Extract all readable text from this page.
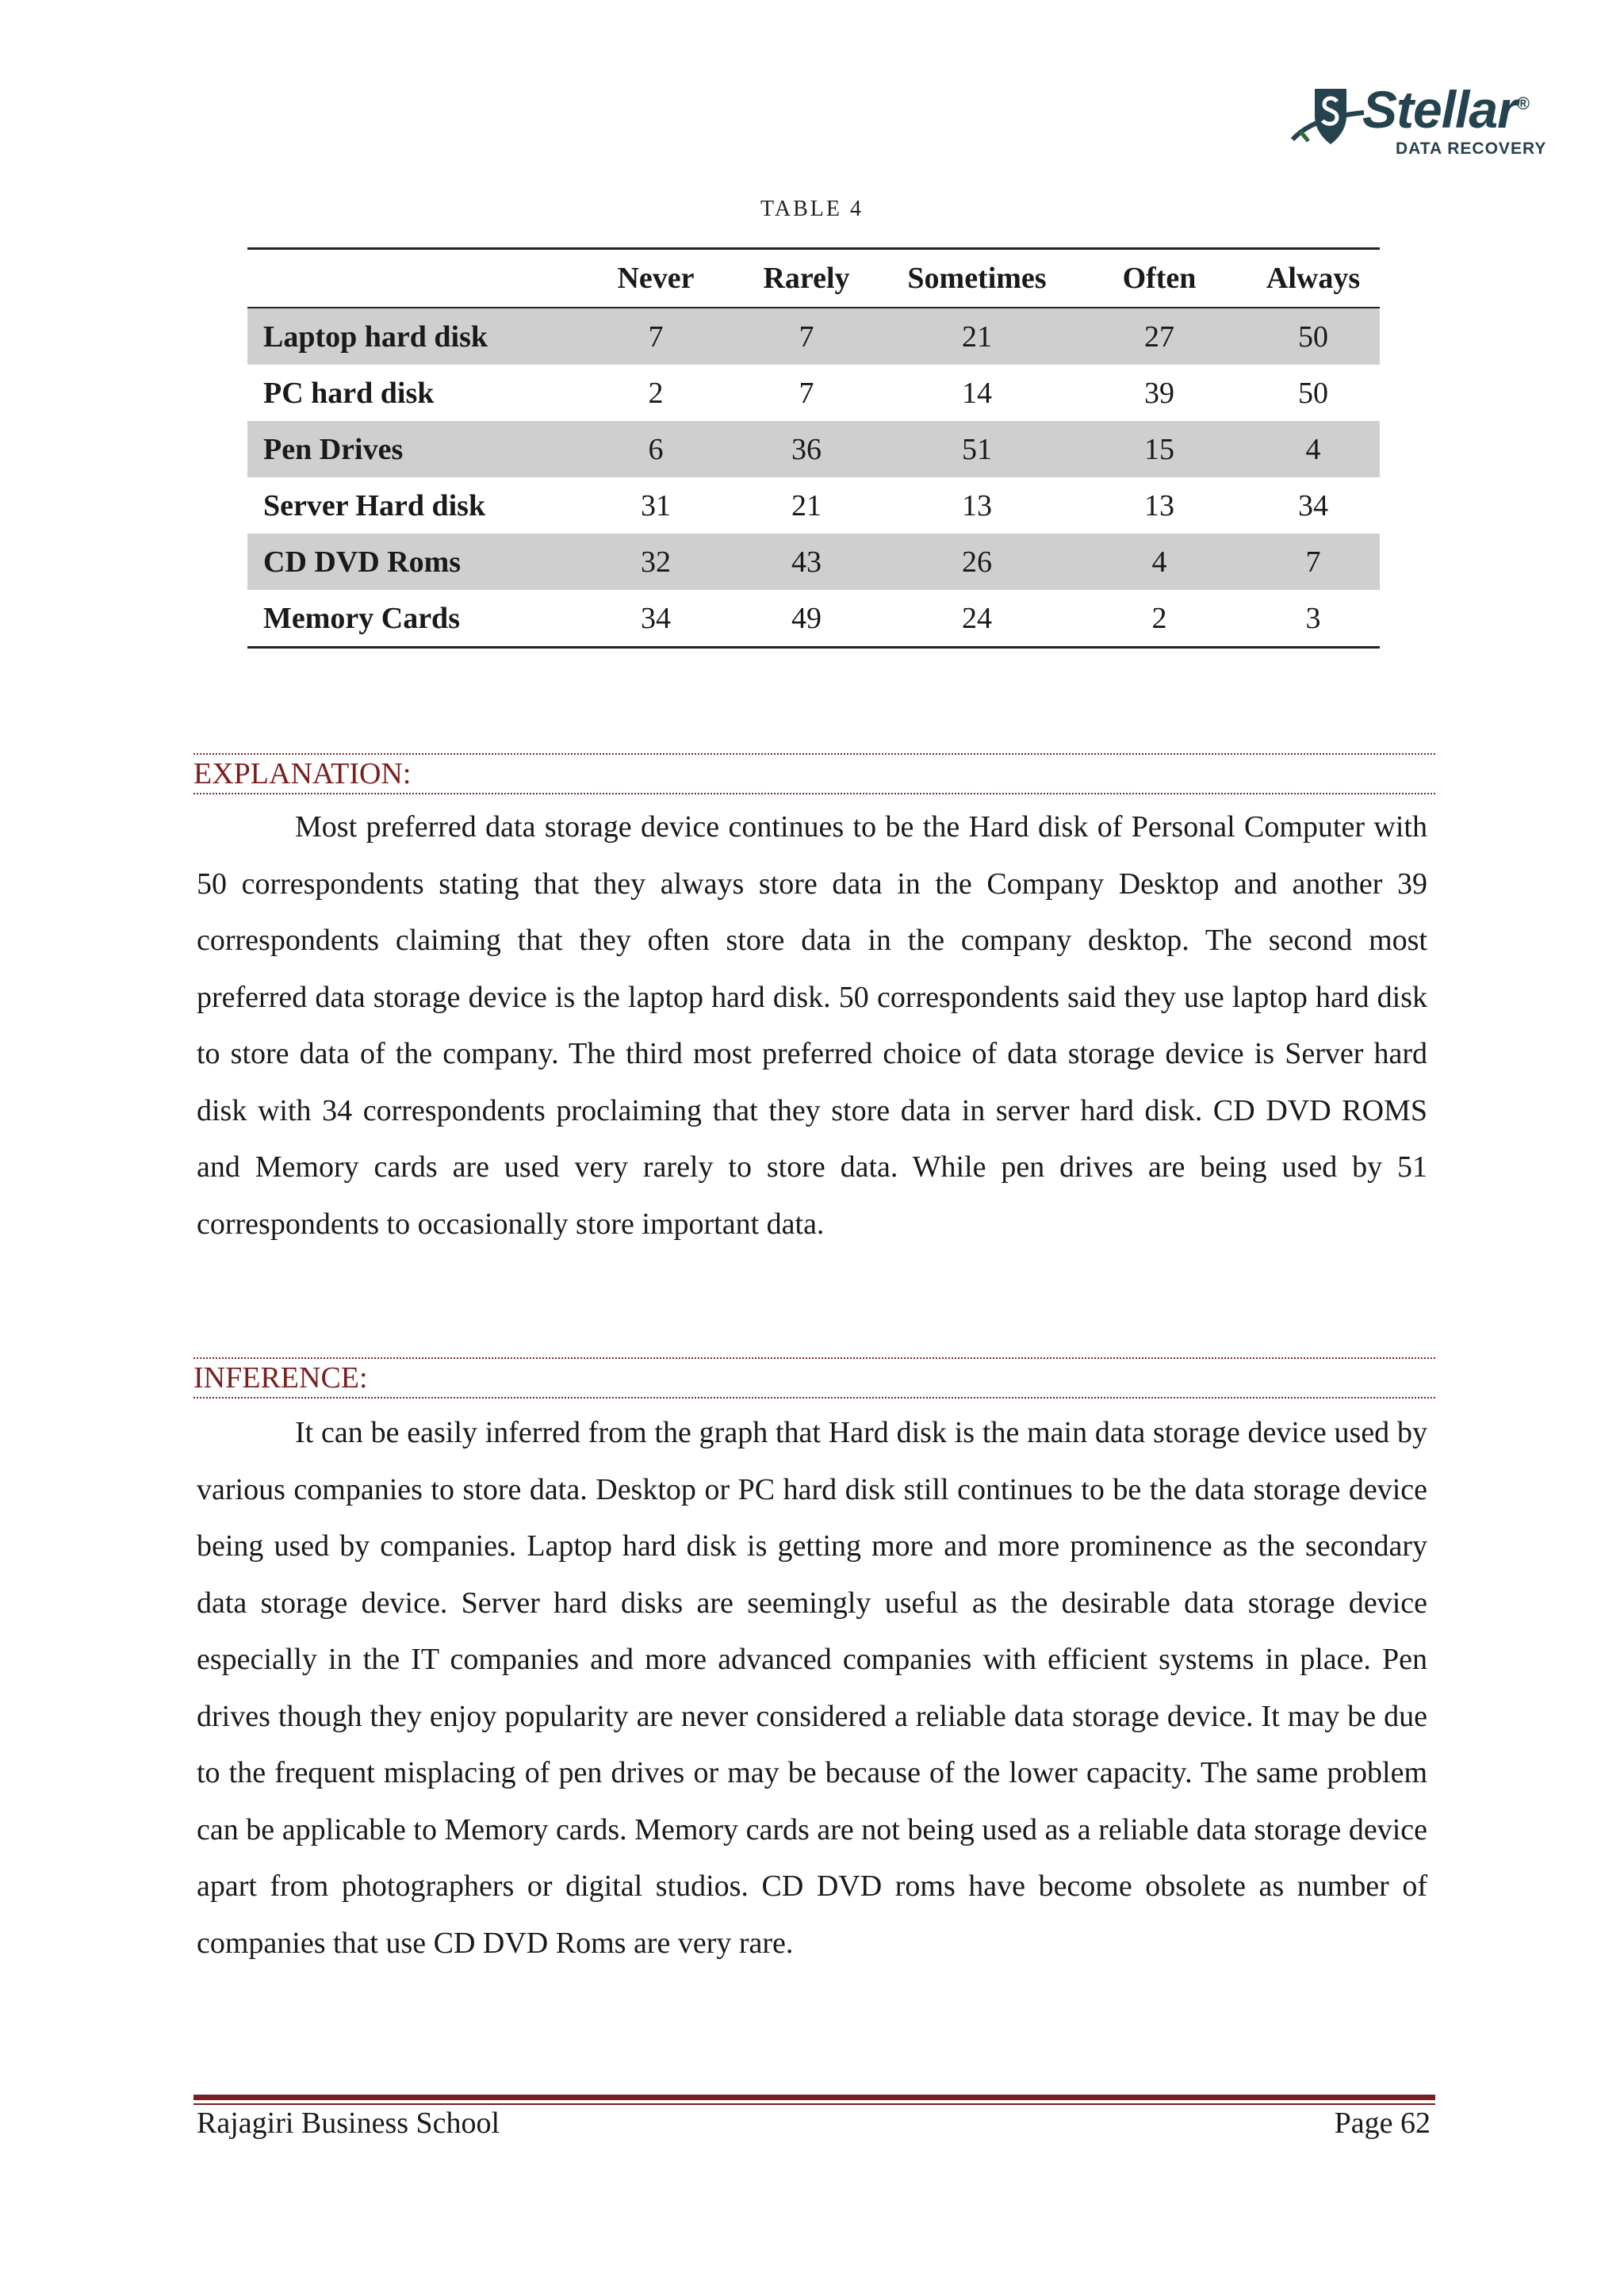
Stellar®
DATA RECOVERY
TABLE 4
	Never	Rarely	Sometimes	Often	Always
Laptop hard disk	7	7	21	27	50
PC hard disk	2	7	14	39	50
Pen Drives	6	36	51	15	4
Server Hard disk	31	21	13	13	34
CD DVD Roms	32	43	26	4	7
Memory Cards	34	49	24	2	3
EXPLANATION:

Most preferred data storage device continues to be the Hard disk of Personal Computer with 50 correspondents stating that they always store data in the Company Desktop and another 39 correspondents claiming that they often store data in the company desktop. The second most preferred data storage device is the laptop hard disk. 50 correspondents said they use laptop hard disk to store data of the company. The third most preferred choice of data storage device is Server hard disk with 34 correspondents proclaiming that they store data in server hard disk. CD DVD ROMS and Memory cards are used very rarely to store data. While pen drives are being used by 51 correspondents to occasionally store important data.

INFERENCE:

It can be easily inferred from the graph that Hard disk is the main data storage device used by various companies to store data. Desktop or PC hard disk still continues to be the data storage device being used by companies. Laptop hard disk is getting more and more prominence as the secondary data storage device. Server hard disks are seemingly useful as the desirable data storage device especially in the IT companies and more advanced companies with efficient systems in place. Pen drives though they enjoy popularity are never considered a reliable data storage device. It may be due to the frequent misplacing of pen drives or may be because of the lower capacity. The same problem can be applicable to Memory cards. Memory cards are not being used as a reliable data storage device apart from photographers or digital studios. CD DVD roms have become obsolete as number of companies that use CD DVD Roms are very rare.

Rajagiri Business School	Page 62
